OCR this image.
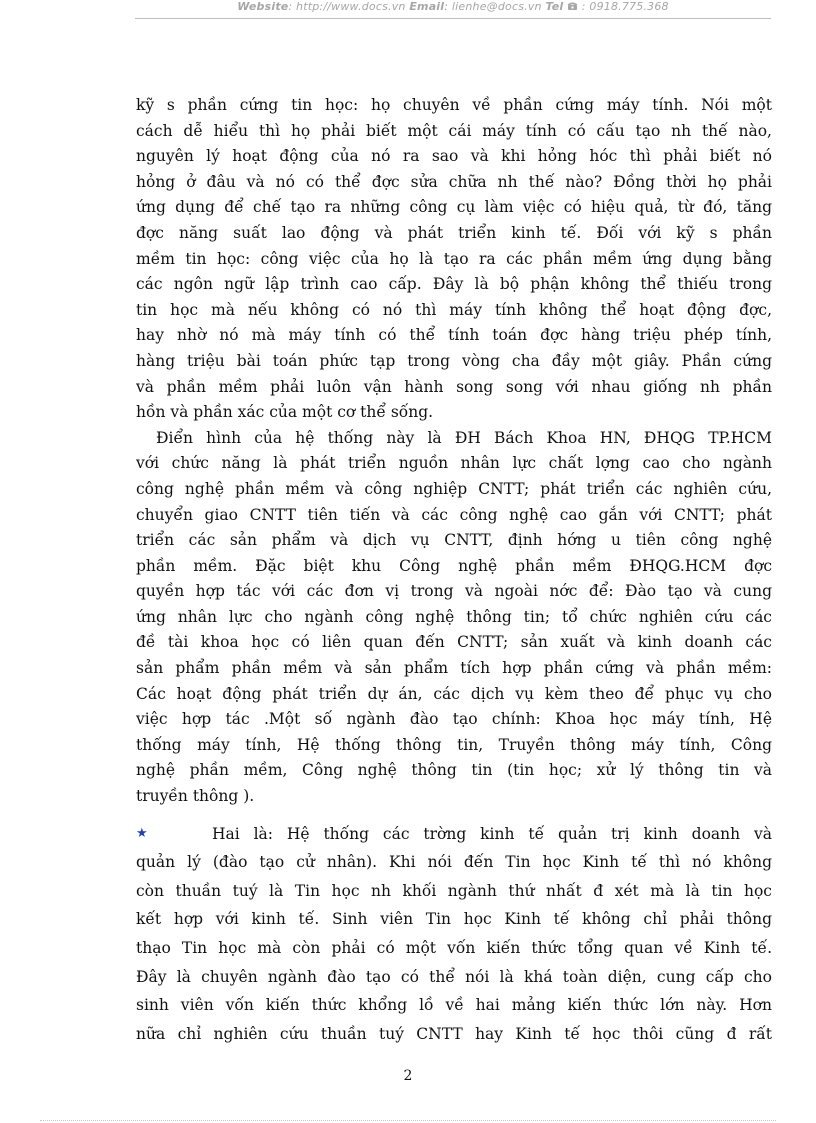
Website: http://www.docs.vn Email: lienhe@docs.vn Tel : 0918.775.368
kỹ s phần cứng tin học: họ chuyên về phần cứng máy tính. Nói một
cách dễ hiểu thì họ phải biết một cái máy tính có cấu tạo nh thế nào,
nguyên lý hoạt động của nó ra sao và khi hỏng hóc thì phải biết nó
hỏng ở đâu và nó có thể đợc sửa chữa nh thế nào? Đồng thời họ phải
ứng dụng để chế tạo ra những công cụ làm việc có hiệu quả, từ đó, tăng
đợc năng suất lao động và phát triển kinh tế. Đối với kỹ s phần
mềm tin học: công việc của họ là tạo ra các phần mềm ứng dụng bằng
các ngôn ngữ lập trình cao cấp. Đây là bộ phận không thể thiếu trong
tin học mà nếu không có nó thì máy tính không thể hoạt động đợc,
hay nhờ nó mà máy tính có thể tính toán đợc hàng triệu phép tính,
hàng triệu bài toán phức tạp trong vòng cha đầy một giây. Phần cứng
và phần mềm phải luôn vận hành song song với nhau giống nh phần
hồn và phần xác của một cơ thể sống.
Điển hình của hệ thống này là ĐH Bách Khoa HN, ĐHQG TP.HCM
với chức năng là phát triển nguồn nhân lực chất lợng cao cho ngành
công nghệ phần mềm và công nghiệp CNTT; phát triển các nghiên cứu,
chuyển giao CNTT tiên tiến và các công nghệ cao gắn với CNTT; phát
triển các sản phẩm và dịch vụ CNTT, định hớng u tiên công nghệ
phần mềm. Đặc biệt khu Công nghệ phần mềm ĐHQG.HCM đợc
quyền hợp tác với các đơn vị trong và ngoài nớc để: Đào tạo và cung
ứng nhân lực cho ngành công nghệ thông tin; tổ chức nghiên cứu các
đề tài khoa học có liên quan đến CNTT; sản xuất và kinh doanh các
sản phẩm phần mềm và sản phẩm tích hợp phần cứng và phần mềm:
Các hoạt động phát triển dự án, các dịch vụ kèm theo để phục vụ cho
việc hợp tác .Một số ngành đào tạo chính: Khoa học máy tính, Hệ
thống máy tính, Hệ thống thông tin, Truyền thông máy tính, Công
nghệ phần mềm, Công nghệ thông tin (tin học; xử lý thông tin và
truyền thông ).
★	Hai là: Hệ thống các trờng kinh tế quản trị kinh doanh và
quản lý (đào tạo cử nhân). Khi nói đến Tin học Kinh tế thì nó không
còn thuần tuý là Tin học nh khối ngành thứ nhất đ xét mà là tin học
kết hợp với kinh tế. Sinh viên Tin học Kinh tế không chỉ phải thông
thạo Tin học mà còn phải có một vốn kiến thức tổng quan về Kinh tế.
Đây là chuyên ngành đào tạo có thể nói là khá toàn diện, cung cấp cho
sinh viên vốn kiến thức khổng lồ về hai mảng kiến thức lớn này. Hơn
nữa chỉ nghiên cứu thuần tuý CNTT hay Kinh tế học thôi cũng đ rất
2
